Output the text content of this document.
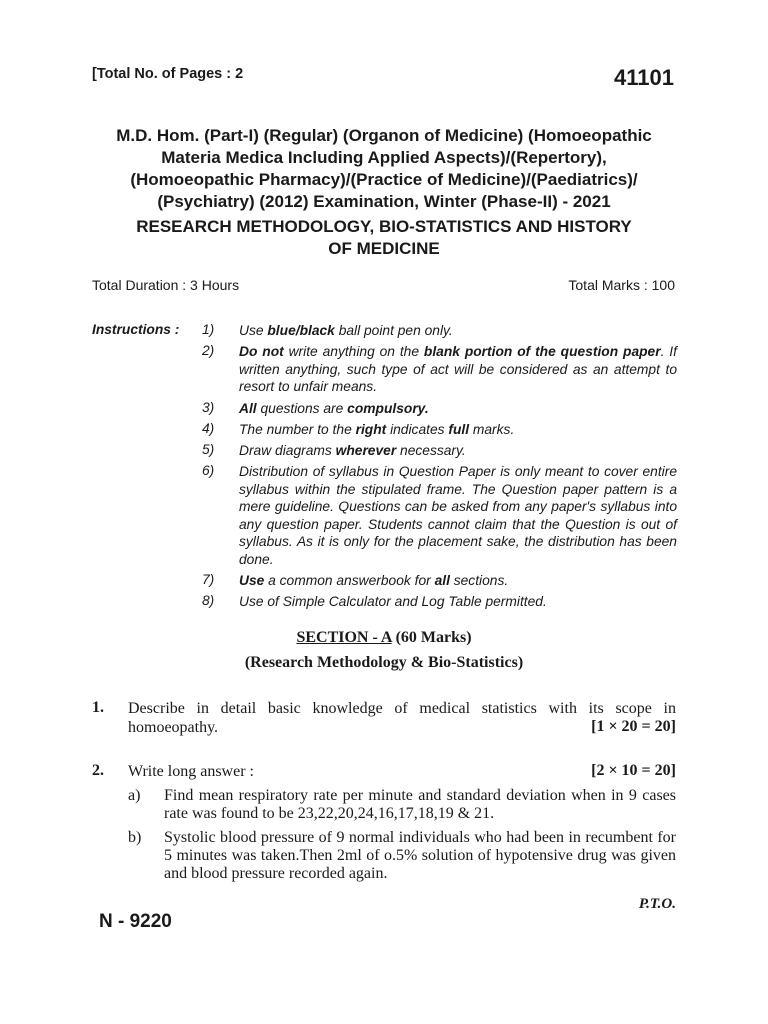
[Total No. of Pages : 2	41101
M.D. Hom. (Part-I) (Regular) (Organon of Medicine) (Homoeopathic
Materia Medica Including Applied Aspects)/(Repertory),
(Homoeopathic Pharmacy)/(Practice of Medicine)/(Paediatrics)/
(Psychiatry) (2012) Examination, Winter (Phase-II) - 2021
RESEARCH METHODOLOGY, BIO-STATISTICS AND HISTORY
OF MEDICINE
Total Duration : 3 Hours	Total Marks : 100
Instructions : 1) Use blue/black ball point pen only.
2) Do not write anything on the blank portion of the question paper. If written anything, such type of act will be considered as an attempt to resort to unfair means.
3) All questions are compulsory.
4) The number to the right indicates full marks.
5) Draw diagrams wherever necessary.
6) Distribution of syllabus in Question Paper is only meant to cover entire syllabus within the stipulated frame. The Question paper pattern is a mere guideline. Questions can be asked from any paper's syllabus into any question paper. Students cannot claim that the Question is out of syllabus. As it is only for the placement sake, the distribution has been done.
7) Use a common answerbook for all sections.
8) Use of Simple Calculator and Log Table permitted.
SECTION - A (60 Marks)
(Research Methodology & Bio-Statistics)
1. Describe in detail basic knowledge of medical statistics with its scope in homoeopathy.	[1 × 20 = 20]
2. Write long answer :	[2 × 10 = 20]
a) Find mean respiratory rate per minute and standard deviation when in 9 cases rate was found to be 23,22,20,24,16,17,18,19 & 21.
b) Systolic blood pressure of 9 normal individuals who had been in recumbent for 5 minutes was taken.Then 2ml of o.5% solution of hypotensive drug was given and blood pressure recorded again.
P.T.O.
N - 9220
